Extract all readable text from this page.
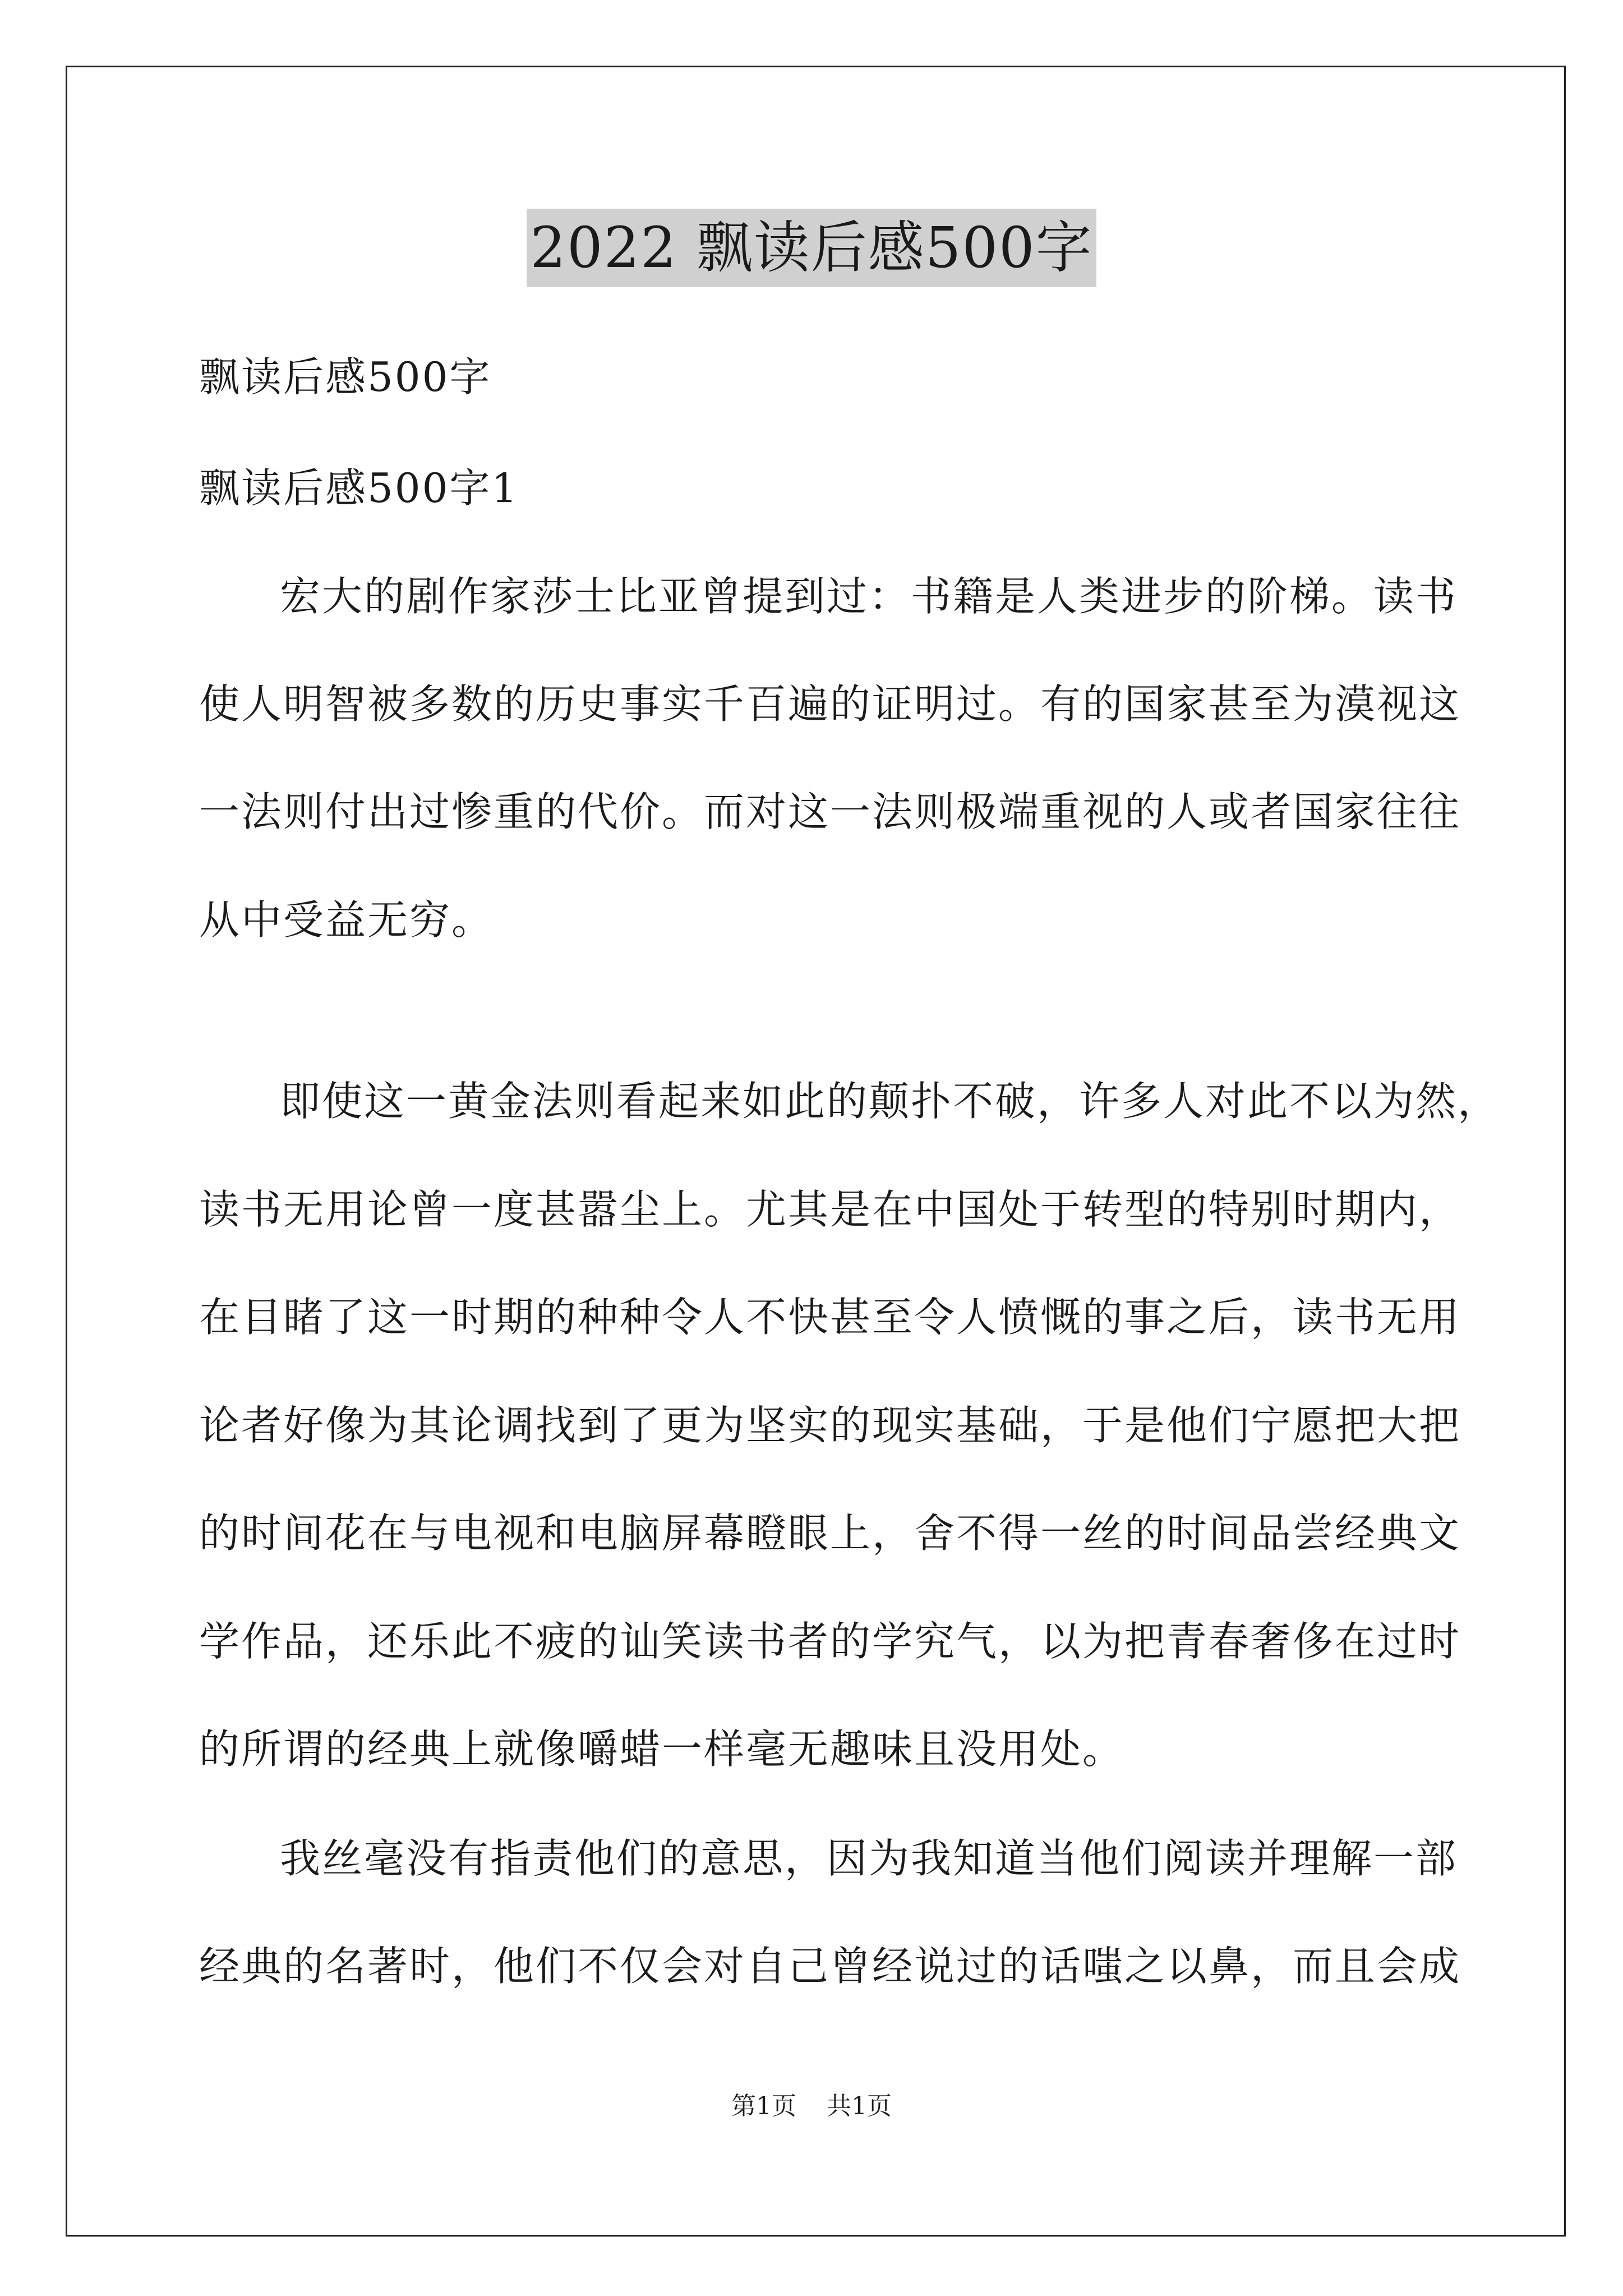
2022 飘读后感500字
飘读后感500字
飘读后感500字1
宏大的剧作家莎士比亚曾提到过：书籍是人类进步的阶梯。读书
使人明智被多数的历史事实千百遍的证明过。有的国家甚至为漠视这
一法则付出过惨重的代价。而对这一法则极端重视的人或者国家往往
从中受益无穷。
即使这一黄金法则看起来如此的颠扑不破，许多人对此不以为然，
读书无用论曾一度甚嚣尘上。尤其是在中国处于转型的特别时期内，
在目睹了这一时期的种种令人不快甚至令人愤慨的事之后，读书无用
论者好像为其论调找到了更为坚实的现实基础，于是他们宁愿把大把
的时间花在与电视和电脑屏幕瞪眼上，舍不得一丝的时间品尝经典文
学作品，还乐此不疲的讪笑读书者的学究气，以为把青春奢侈在过时
的所谓的经典上就像嚼蜡一样毫无趣味且没用处。
我丝毫没有指责他们的意思，因为我知道当他们阅读并理解一部
经典的名著时，他们不仅会对自己曾经说过的话嗤之以鼻，而且会成
第1页 共1页
